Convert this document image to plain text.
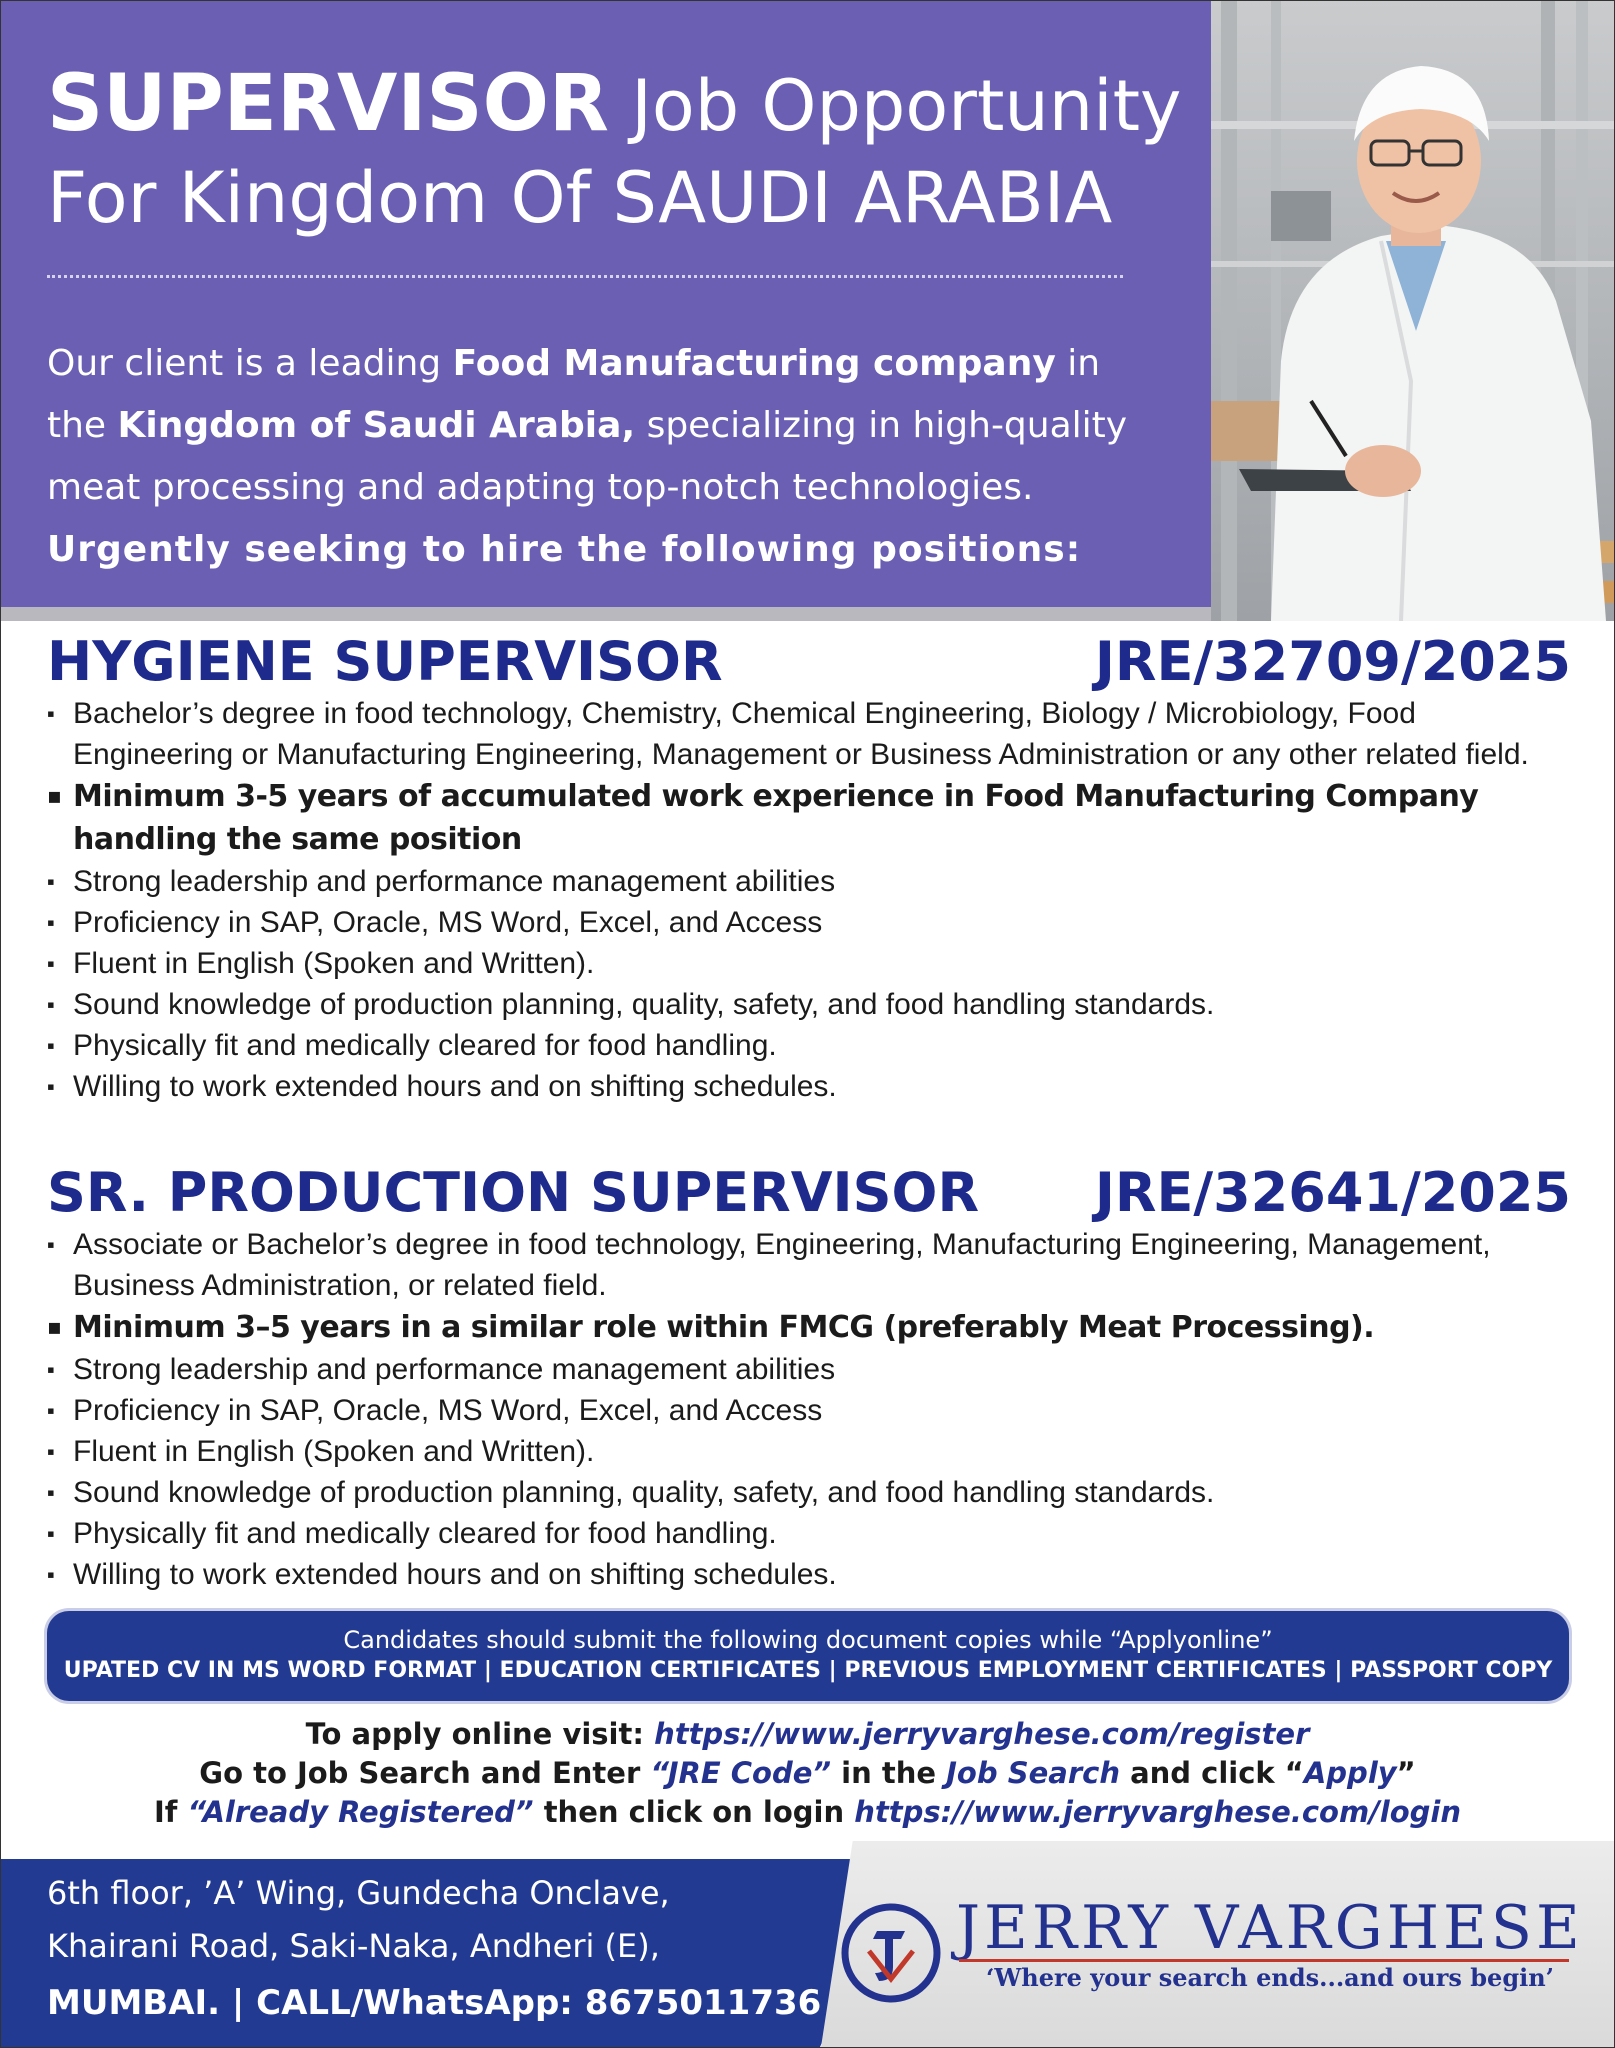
SUPERVISOR Job Opportunity
For Kingdom Of SAUDI ARABIA
Our client is a leading Food Manufacturing company in
the Kingdom of Saudi Arabia, specializing in high-quality
meat processing and adapting top-notch technologies.
Urgently seeking to hire the following positions:
HYGIENE SUPERVISOR	JRE/32709/2025
▪ Bachelor’s degree in food technology, Chemistry, Chemical Engineering, Biology / Microbiology, Food Engineering or Manufacturing Engineering, Management or Business Administration or any other related field.
▪ Minimum 3-5 years of accumulated work experience in Food Manufacturing Company handling the same position
▪ Strong leadership and performance management abilities
▪ Proficiency in SAP, Oracle, MS Word, Excel, and Access
▪ Fluent in English (Spoken and Written).
▪ Sound knowledge of production planning, quality, safety, and food handling standards.
▪ Physically fit and medically cleared for food handling.
▪ Willing to work extended hours and on shifting schedules.
SR. PRODUCTION SUPERVISOR JRE/32641/2025
▪ Associate or Bachelor’s degree in food technology, Engineering, Manufacturing Engineering, Management, Business Administration, or related field.
▪ Minimum 3–5 years in a similar role within FMCG (preferably Meat Processing).
▪ Strong leadership and performance management abilities
▪ Proficiency in SAP, Oracle, MS Word, Excel, and Access
▪ Fluent in English (Spoken and Written).
▪ Sound knowledge of production planning, quality, safety, and food handling standards.
▪ Physically fit and medically cleared for food handling.
▪ Willing to work extended hours and on shifting schedules.
Candidates should submit the following document copies while “Applyonline”
UPATED CV IN MS WORD FORMAT | EDUCATION CERTIFICATES | PREVIOUS EMPLOYMENT CERTIFICATES | PASSPORT COPY
To apply online visit: https://www.jerryvarghese.com/register
Go to Job Search and Enter “JRE Code” in the Job Search and click “Apply”
If “Already Registered” then click on login https://www.jerryvarghese.com/login
6th floor, ’A’ Wing, Gundecha Onclave,
Khairani Road, Saki-Naka, Andheri (E),
MUMBAI. | CALL/WhatsApp: 8675011736
JERRY VARGHESE
‘Where your search ends...and ours begin’
